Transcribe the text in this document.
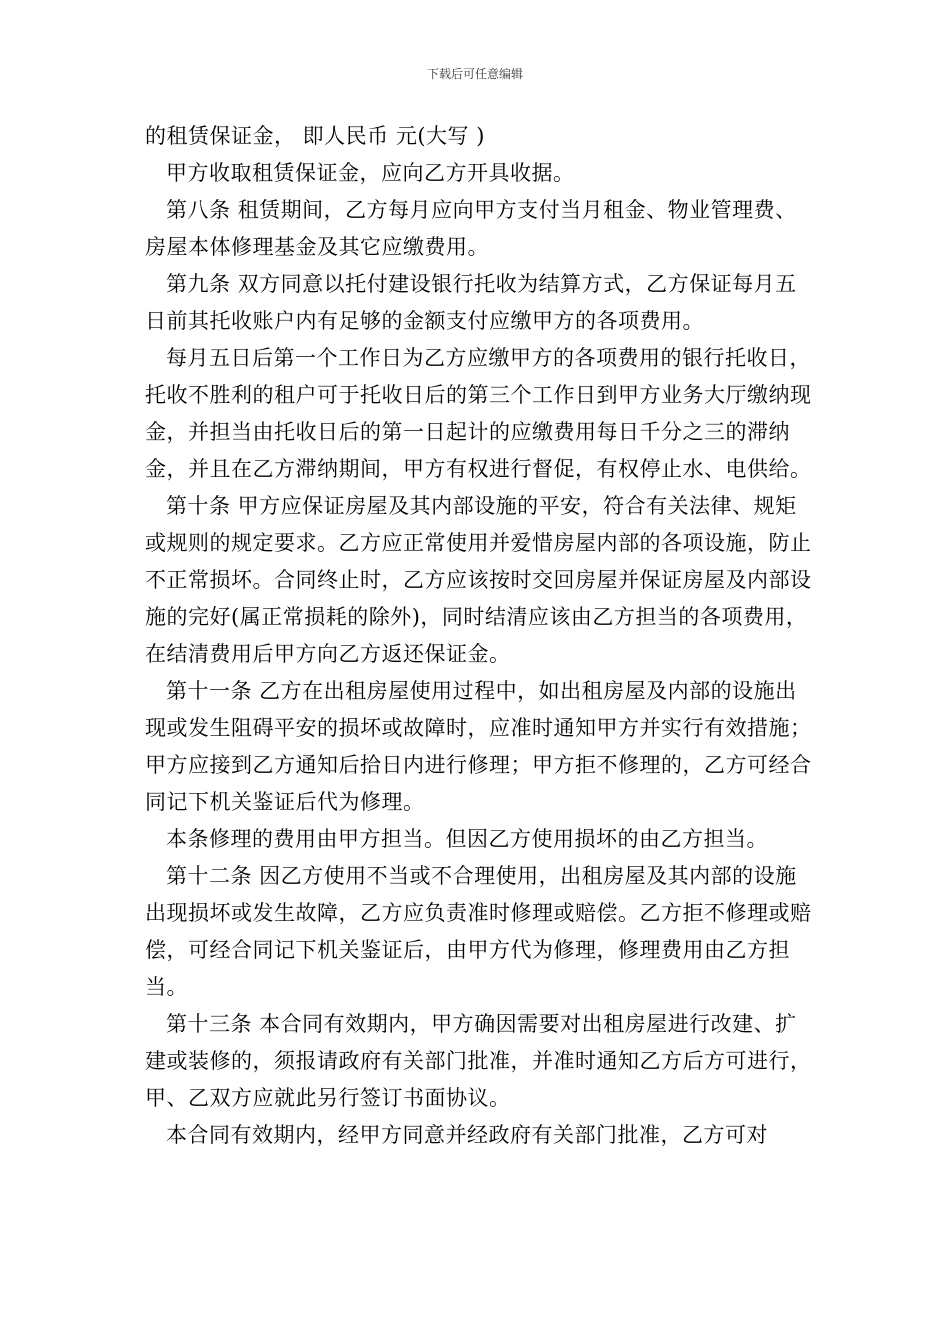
下载后可任意编辑

的租赁保证金， 即人民币 元(大写 )

甲方收取租赁保证金，应向乙方开具收据。

第八条 租赁期间，乙方每月应向甲方支付当月租金、物业管理费、房屋本体修理基金及其它应缴费用。

第九条 双方同意以托付建设银行托收为结算方式，乙方保证每月五日前其托收账户内有足够的金额支付应缴甲方的各项费用。

每月五日后第一个工作日为乙方应缴甲方的各项费用的银行托收日，托收不胜利的租户可于托收日后的第三个工作日到甲方业务大厅缴纳现金，并担当由托收日后的第一日起计的应缴费用每日千分之三的滞纳金，并且在乙方滞纳期间，甲方有权进行督促，有权停止水、电供给。

第十条 甲方应保证房屋及其内部设施的平安，符合有关法律、规矩或规则的规定要求。乙方应正常使用并爱惜房屋内部的各项设施，防止不正常损坏。合同终止时，乙方应该按时交回房屋并保证房屋及内部设施的完好(属正常损耗的除外)，同时结清应该由乙方担当的各项费用，在结清费用后甲方向乙方返还保证金。

第十一条 乙方在出租房屋使用过程中，如出租房屋及内部的设施出现或发生阻碍平安的损坏或故障时，应准时通知甲方并实行有效措施；甲方应接到乙方通知后拾日内进行修理；甲方拒不修理的，乙方可经合同记下机关鉴证后代为修理。

本条修理的费用由甲方担当。但因乙方使用损坏的由乙方担当。

第十二条 因乙方使用不当或不合理使用，出租房屋及其内部的设施出现损坏或发生故障，乙方应负责准时修理或赔偿。乙方拒不修理或赔偿，可经合同记下机关鉴证后，由甲方代为修理，修理费用由乙方担当。

第十三条 本合同有效期内，甲方确因需要对出租房屋进行改建、扩建或装修的，须报请政府有关部门批准，并准时通知乙方后方可进行，甲、乙双方应就此另行签订书面协议。

本合同有效期内，经甲方同意并经政府有关部门批准，乙方可对
